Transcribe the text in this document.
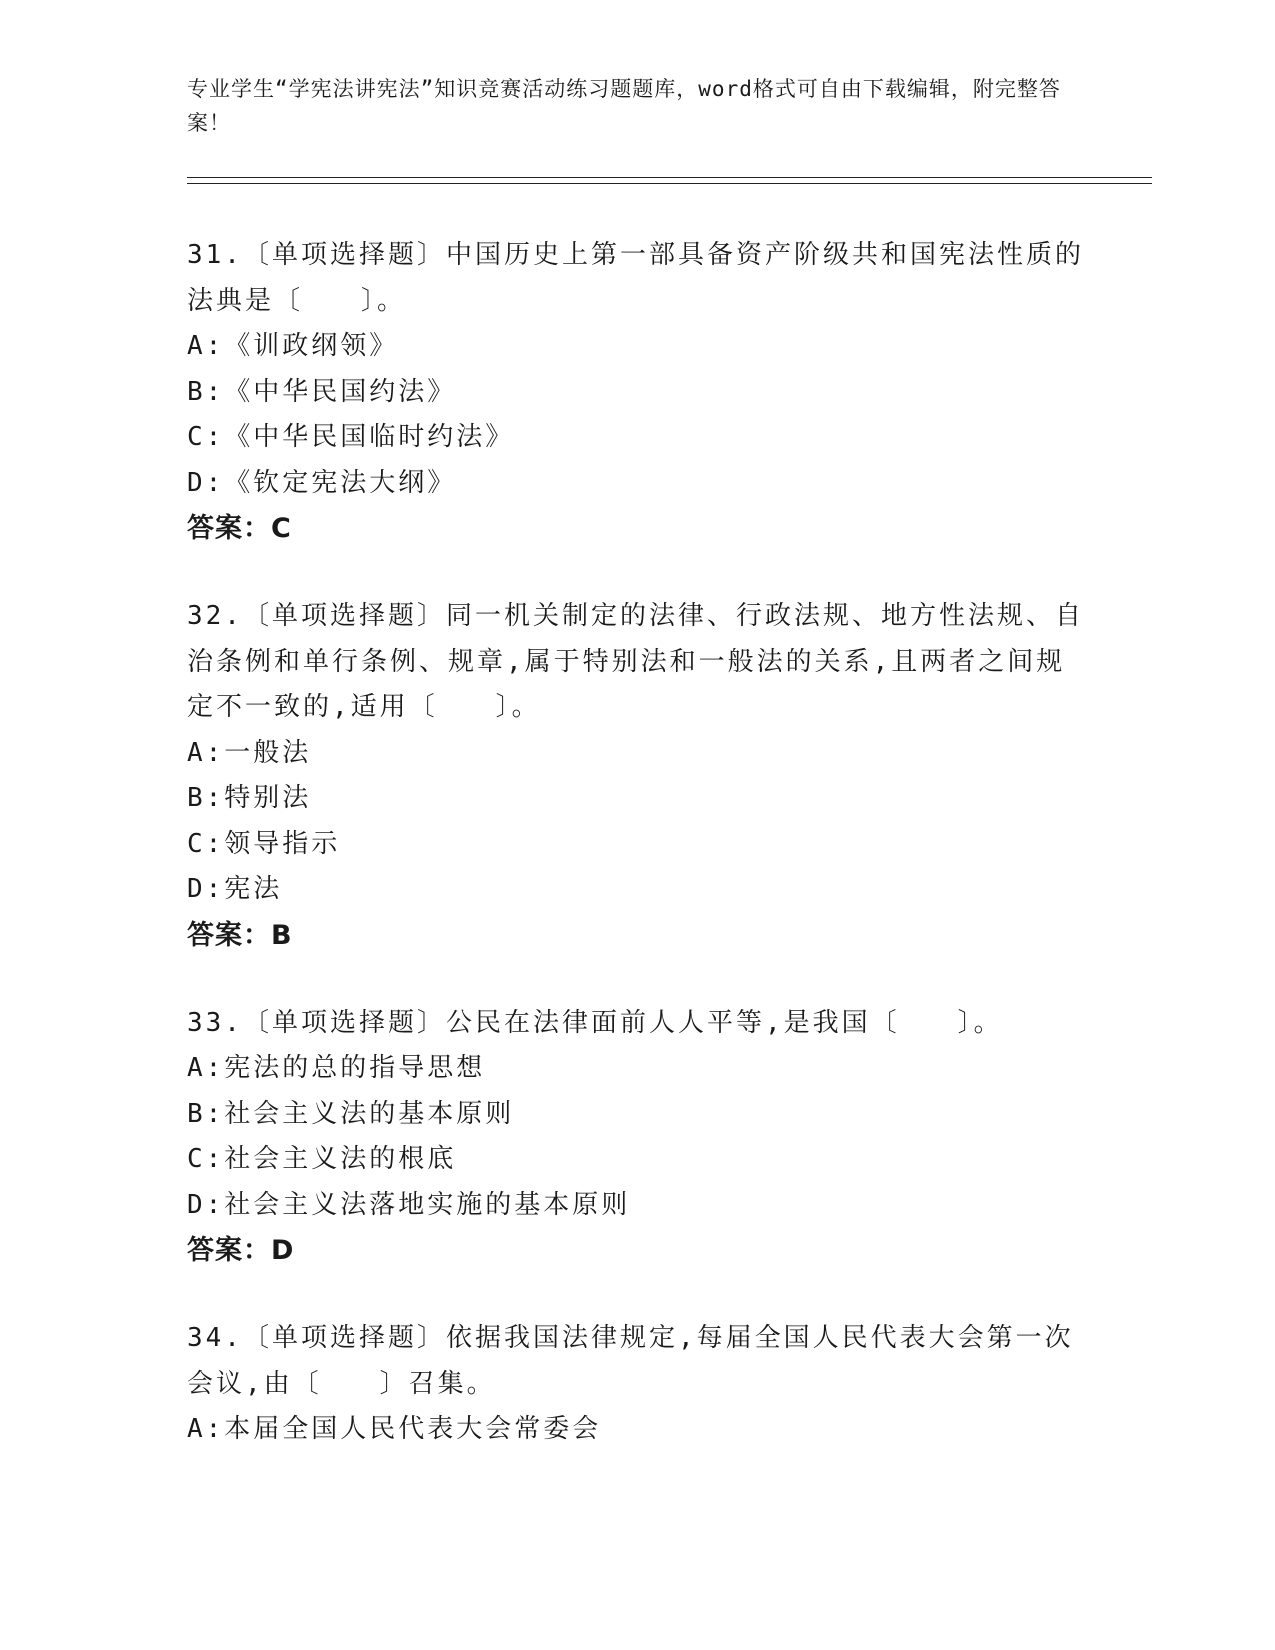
专业学生“学宪法讲宪法”知识竞赛活动练习题题库，word格式可自由下载编辑，附完整答案！
31.〔单项选择题〕中国历史上第一部具备资产阶级共和国宪法性质的法典是〔　　〕。
A:《训政纲领》
B:《中华民国约法》
C:《中华民国临时约法》
D:《钦定宪法大纲》
答案：C
32.〔单项选择题〕同一机关制定的法律、行政法规、地方性法规、自治条例和单行条例、规章,属于特别法和一般法的关系,且两者之间规定不一致的,适用〔　　〕。
A:一般法
B:特别法
C:领导指示
D:宪法
答案：B
33.〔单项选择题〕公民在法律面前人人平等,是我国〔　　〕。
A:宪法的总的指导思想
B:社会主义法的基本原则
C:社会主义法的根底
D:社会主义法落地实施的基本原则
答案：D
34.〔单项选择题〕依据我国法律规定,每届全国人民代表大会第一次会议,由〔　　〕召集。
A:本届全国人民代表大会常委会
